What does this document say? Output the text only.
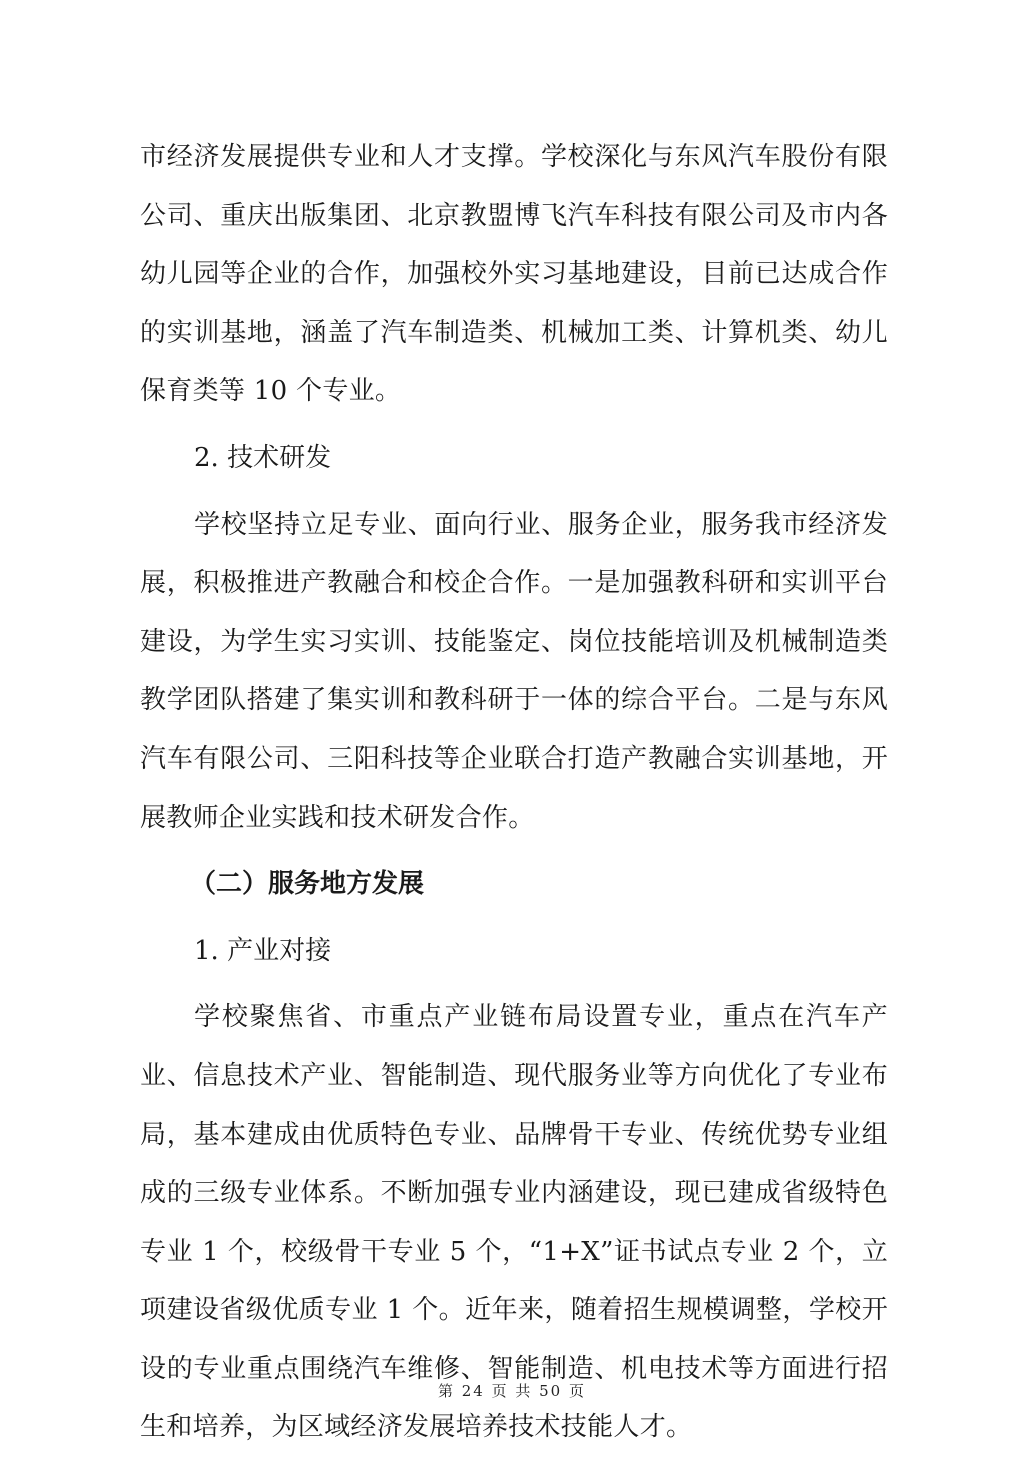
市经济发展提供专业和人才支撑。学校深化与东风汽车股份有限公司、重庆出版集团、北京教盟博飞汽车科技有限公司及市内各幼儿园等企业的合作，加强校外实习基地建设，目前已达成合作的实训基地，涵盖了汽车制造类、机械加工类、计算机类、幼儿保育类等 10 个专业。

2. 技术研发

学校坚持立足专业、面向行业、服务企业，服务我市经济发展，积极推进产教融合和校企合作。一是加强教科研和实训平台建设，为学生实习实训、技能鉴定、岗位技能培训及机械制造类教学团队搭建了集实训和教科研于一体的综合平台。二是与东风汽车有限公司、三阳科技等企业联合打造产教融合实训基地，开展教师企业实践和技术研发合作。

（二）服务地方发展

1. 产业对接

学校聚焦省、市重点产业链布局设置专业，重点在汽车产业、信息技术产业、智能制造、现代服务业等方向优化了专业布局，基本建成由优质特色专业、品牌骨干专业、传统优势专业组成的三级专业体系。不断加强专业内涵建设，现已建成省级特色专业 1 个，校级骨干专业 5 个，“1+X”证书试点专业 2 个，立项建设省级优质专业 1 个。近年来，随着招生规模调整，学校开设的专业重点围绕汽车维修、智能制造、机电技术等方面进行招生和培养，为区域经济发展培养技术技能人才。

第 24 页 共 50 页
